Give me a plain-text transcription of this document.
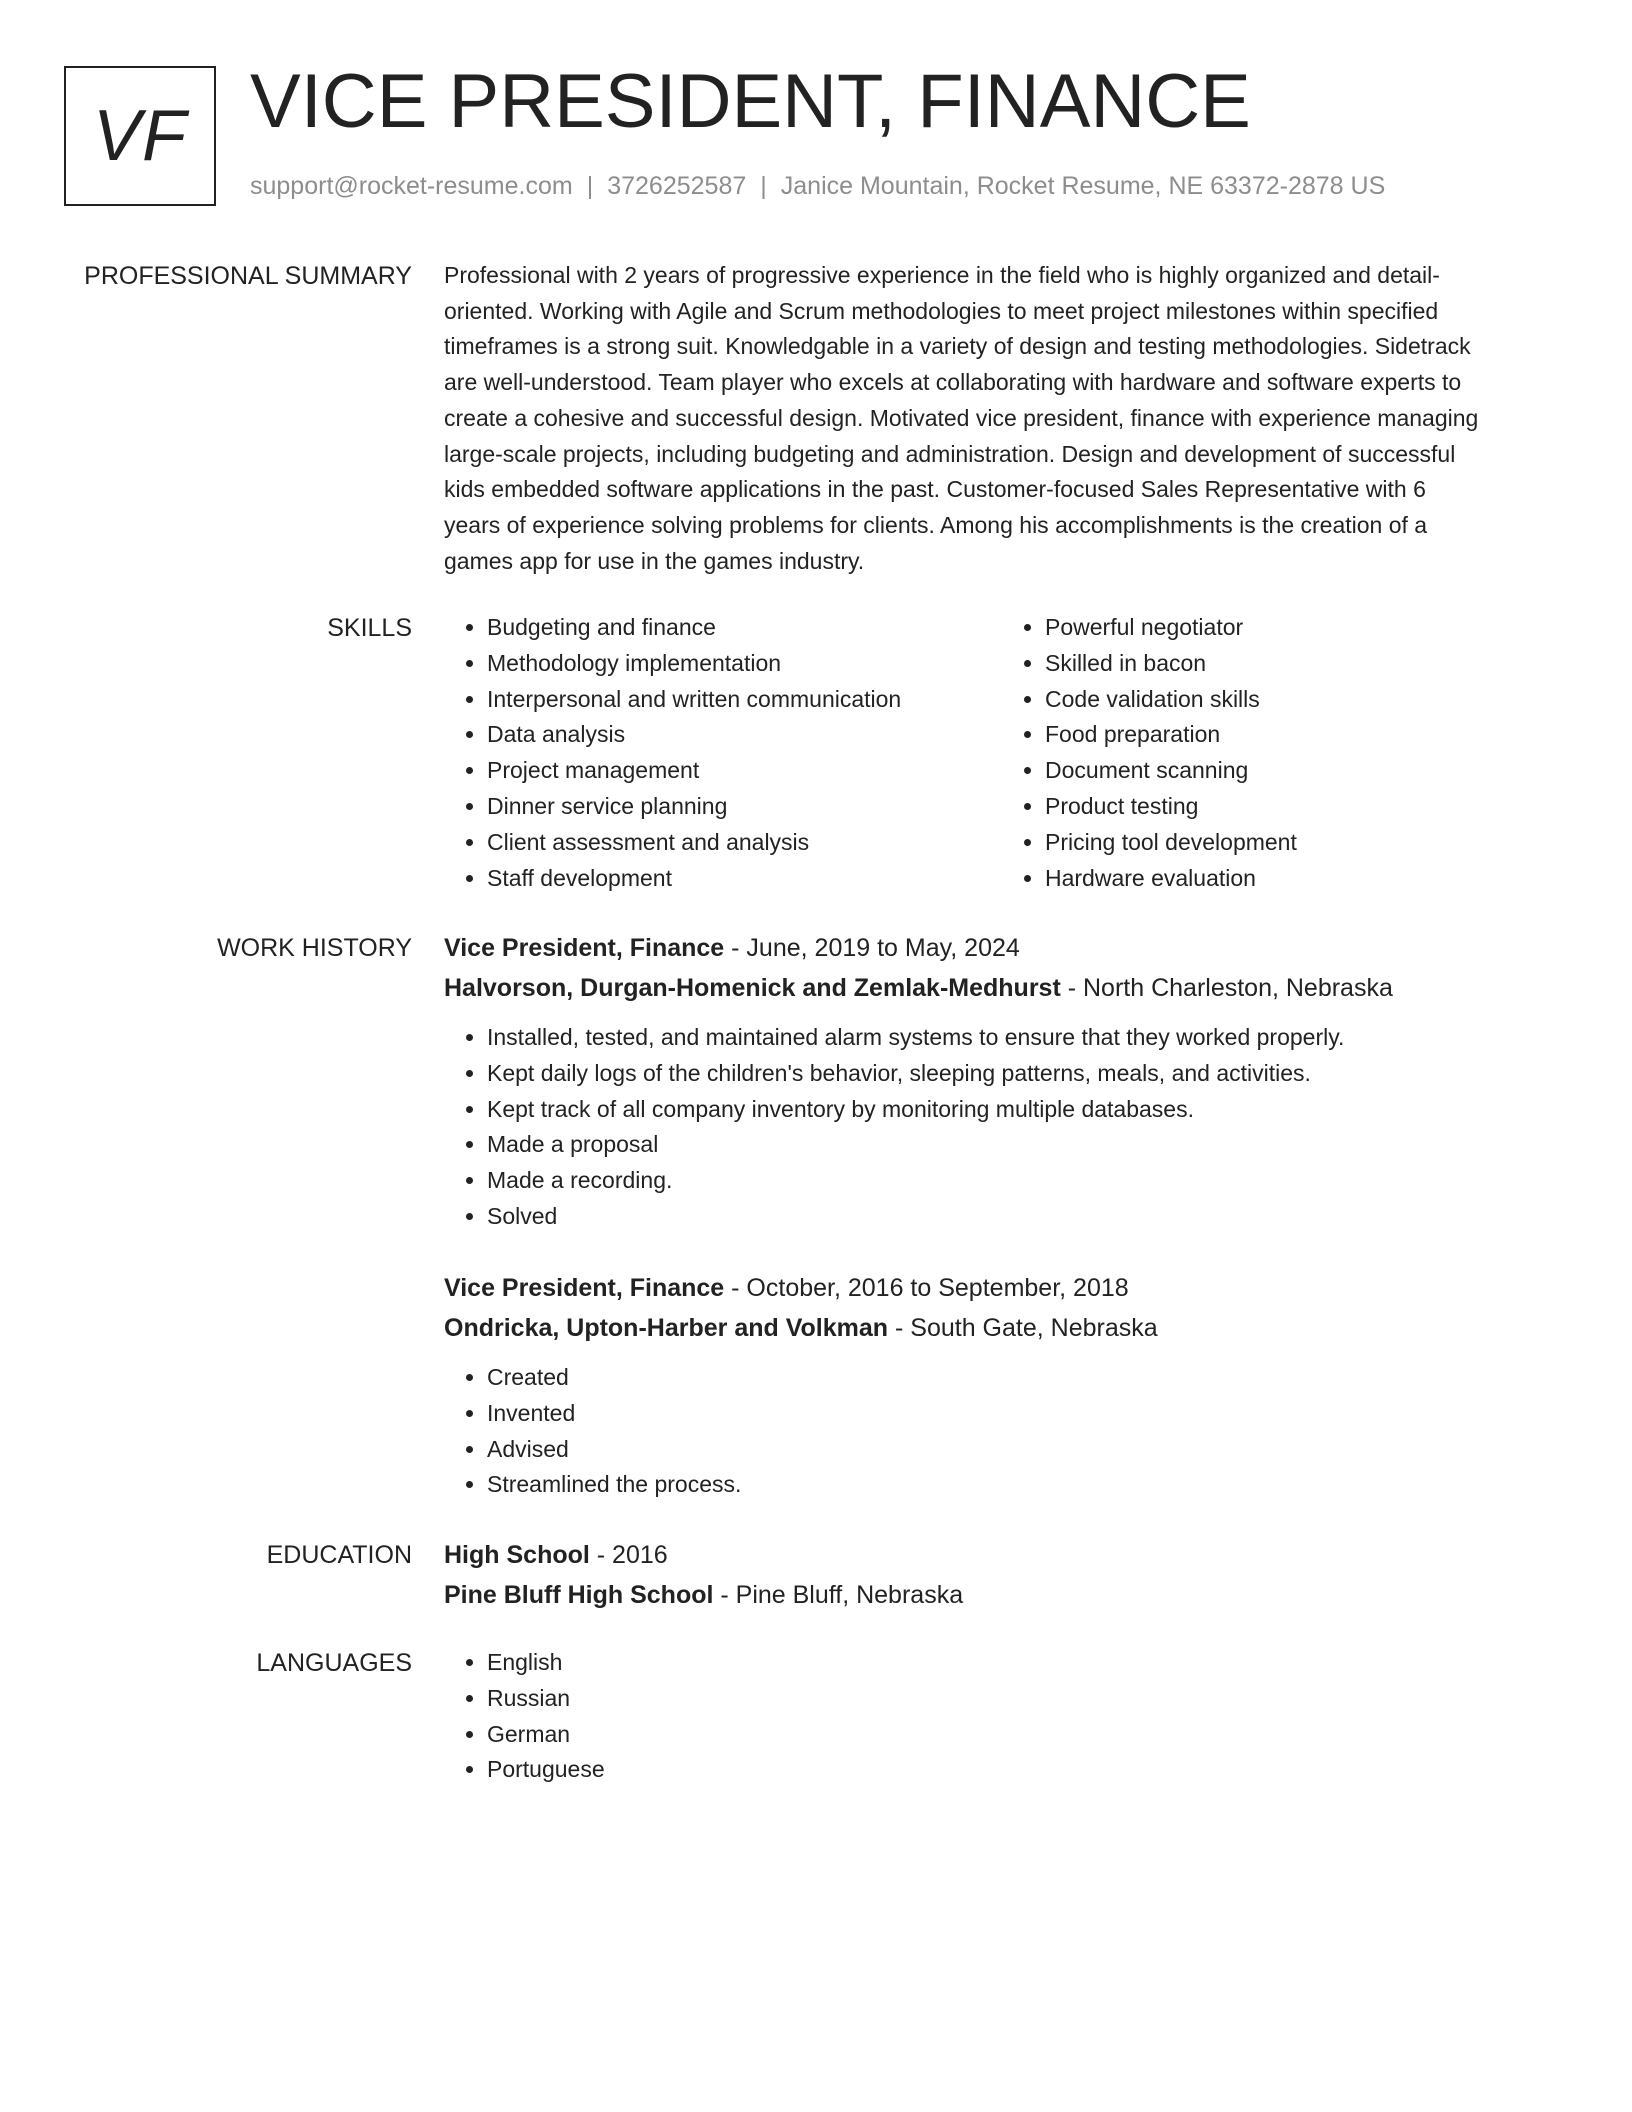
VF VICE PRESIDENT, FINANCE
support@rocket-resume.com | 3726252587 | Janice Mountain, Rocket Resume, NE 63372-2878 US
PROFESSIONAL SUMMARY Professional with 2 years of progressive experience in the field who is highly organized and detail-
oriented. Working with Agile and Scrum methodologies to meet project milestones within specified
timeframes is a strong suit. Knowledgable in a variety of design and testing methodologies. Sidetrack
are well-understood. Team player who excels at collaborating with hardware and software experts to
create a cohesive and successful design. Motivated vice president, finance with experience managing
large-scale projects, including budgeting and administration. Design and development of successful
kids embedded software applications in the past. Customer-focused Sales Representative with 6
years of experience solving problems for clients. Among his accomplishments is the creation of a
games app for use in the games industry.
SKILLS	• Budgeting and finance
• Methodology implementation
• Interpersonal and written communication
• Data analysis
• Project management
• Dinner service planning
• Client assessment and analysis
• Staff development
• Powerful negotiator
• Skilled in bacon
• Code validation skills
• Food preparation
• Document scanning
• Product testing
• Pricing tool development
• Hardware evaluation
WORK HISTORY Vice President, Finance - June, 2019 to May, 2024
Halvorson, Durgan-Homenick and Zemlak-Medhurst - North Charleston, Nebraska
• Installed, tested, and maintained alarm systems to ensure that they worked properly.
• Kept daily logs of the children's behavior, sleeping patterns, meals, and activities.
• Kept track of all company inventory by monitoring multiple databases.
• Made a proposal
• Made a recording.
• Solved
Vice President, Finance - October, 2016 to September, 2018
Ondricka, Upton-Harber and Volkman - South Gate, Nebraska
• Created
• Invented
• Advised
• Streamlined the process.
EDUCATION High School - 2016
Pine Bluff High School - Pine Bluff, Nebraska
LANGUAGES	• English
• Russian
• German
• Portuguese
